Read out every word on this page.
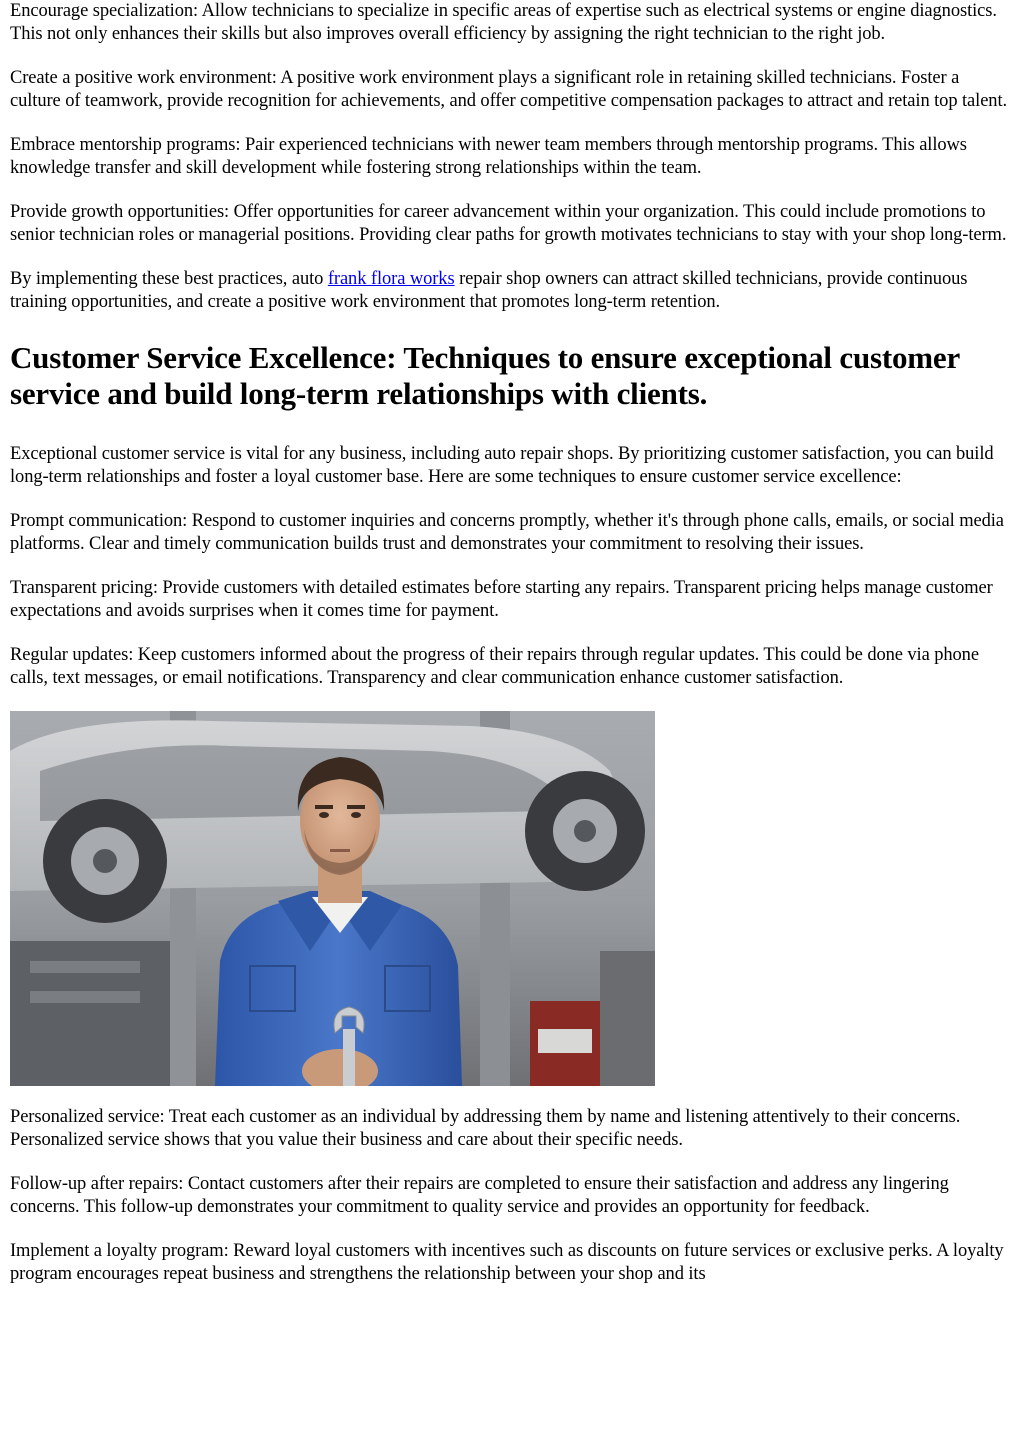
Encourage specialization: Allow technicians to specialize in specific areas of expertise such as electrical systems or engine diagnostics. This not only enhances their skills but also improves overall efficiency by assigning the right technician to the right job.

Create a positive work environment: A positive work environment plays a significant role in retaining skilled technicians. Foster a culture of teamwork, provide recognition for achievements, and offer competitive compensation packages to attract and retain top talent.

Embrace mentorship programs: Pair experienced technicians with newer team members through mentorship programs. This allows knowledge transfer and skill development while fostering strong relationships within the team.

Provide growth opportunities: Offer opportunities for career advancement within your organization. This could include promotions to senior technician roles or managerial positions. Providing clear paths for growth motivates technicians to stay with your shop long-term.

By implementing these best practices, auto frank flora works repair shop owners can attract skilled technicians, provide continuous training opportunities, and create a positive work environment that promotes long-term retention.

Customer Service Excellence: Techniques to ensure exceptional customer service and build long-term relationships with clients.

Exceptional customer service is vital for any business, including auto repair shops. By prioritizing customer satisfaction, you can build long-term relationships and foster a loyal customer base. Here are some techniques to ensure customer service excellence:

Prompt communication: Respond to customer inquiries and concerns promptly, whether it's through phone calls, emails, or social media platforms. Clear and timely communication builds trust and demonstrates your commitment to resolving their issues.

Transparent pricing: Provide customers with detailed estimates before starting any repairs. Transparent pricing helps manage customer expectations and avoids surprises when it comes time for payment.

Regular updates: Keep customers informed about the progress of their repairs through regular updates. This could be done via phone calls, text messages, or email notifications. Transparency and clear communication enhance customer satisfaction.

Personalized service: Treat each customer as an individual by addressing them by name and listening attentively to their concerns. Personalized service shows that you value their business and care about their specific needs.

Follow-up after repairs: Contact customers after their repairs are completed to ensure their satisfaction and address any lingering concerns. This follow-up demonstrates your commitment to quality service and provides an opportunity for feedback.

Implement a loyalty program: Reward loyal customers with incentives such as discounts on future services or exclusive perks. A loyalty program encourages repeat business and strengthens the relationship between your shop and its
